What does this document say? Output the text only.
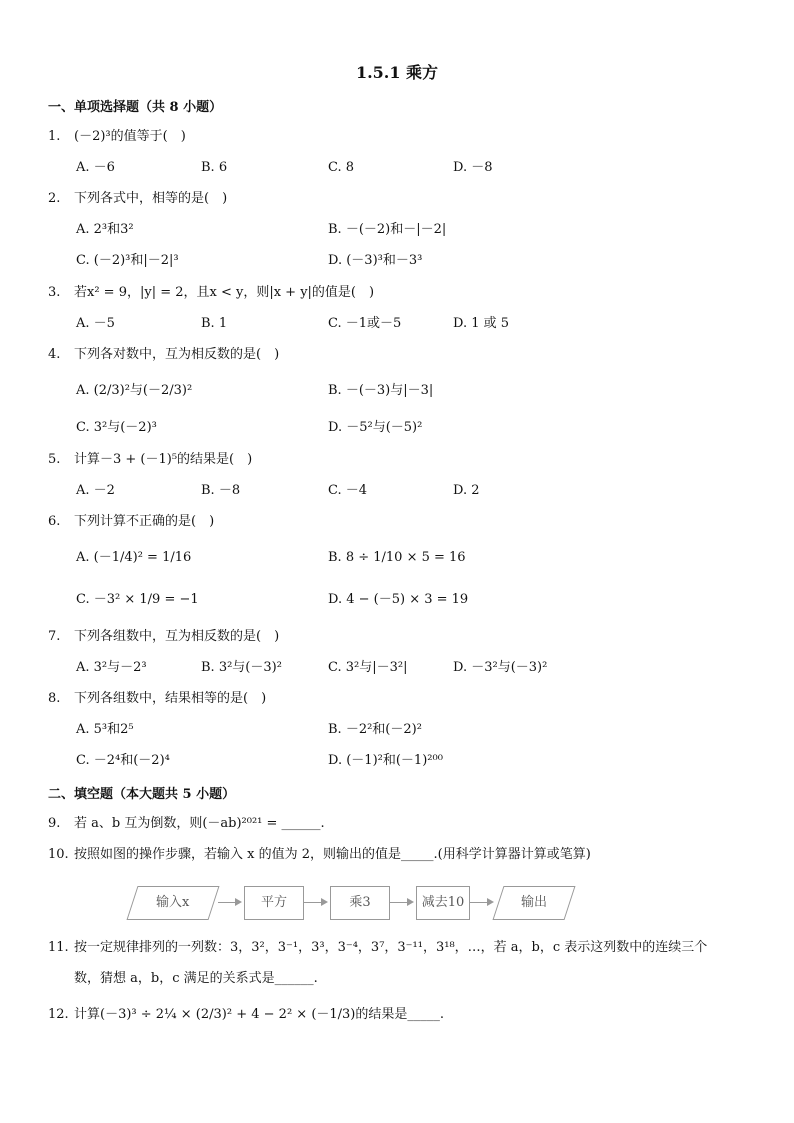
1.5.1 乘方
一、单项选择题（共 8 小题）
1. (－2)³的值等于(　)
A. －6	B. 6	C. 8	D. －8
2. 下列各式中，相等的是(　)
A. 2³和3²	B. －(－2)和－|－2|
C. (－2)³和|－2|³	D. (－3)³和－3³
3. 若x² = 9，|y| = 2，且x < y，则|x + y|的值是(　)
A. －5	B. 1	C. －1或－5	D. 1 或 5
4. 下列各对数中，互为相反数的是(　)
A. (2/3)²与(－2/3)²	B. －(－3)与|－3|
C. 3²与(－2)³	D. －5²与(－5)²
5. 计算－3 + (－1)⁵的结果是(　)
A. －2	B. －8	C. －4	D. 2
6. 下列计算不正确的是(　)
A. (－1/4)² = 1/16	B. 8 ÷ 1/10 × 5 = 16
C. －3² × 1/9 = −1	D. 4 − (－5) × 3 = 19
7. 下列各组数中，互为相反数的是(　)
A. 3²与－2³	B. 3²与(－3)²	C. 3²与|－3²|	D. －3²与(－3)²
8. 下列各组数中，结果相等的是(　)
A. 5³和2⁵	B. －2²和(－2)²
C. －2⁴和(－2)⁴	D. (－1)²和(－1)²⁰⁰
二、填空题（本大题共 5 小题）
9. 若 a、b 互为倒数，则(－ab)²⁰²¹ = ______.
10. 按照如图的操作步骤，若输入 x 的值为 2，则输出的值是_____.(用科学计算器计算或笔算)
输入x	平方	乘3	减去10	输出
11. 按一定规律排列的一列数：3，3²，3⁻¹，3³，3⁻⁴，3⁷，3⁻¹¹，3¹⁸，…，若 a，b，c 表示这列数中的连续三个
数，猜想 a，b，c 满足的关系式是______.
12. 计算(－3)³ ÷ 2¼ × (2/3)² + 4 − 2² × (－1/3)的结果是_____.
